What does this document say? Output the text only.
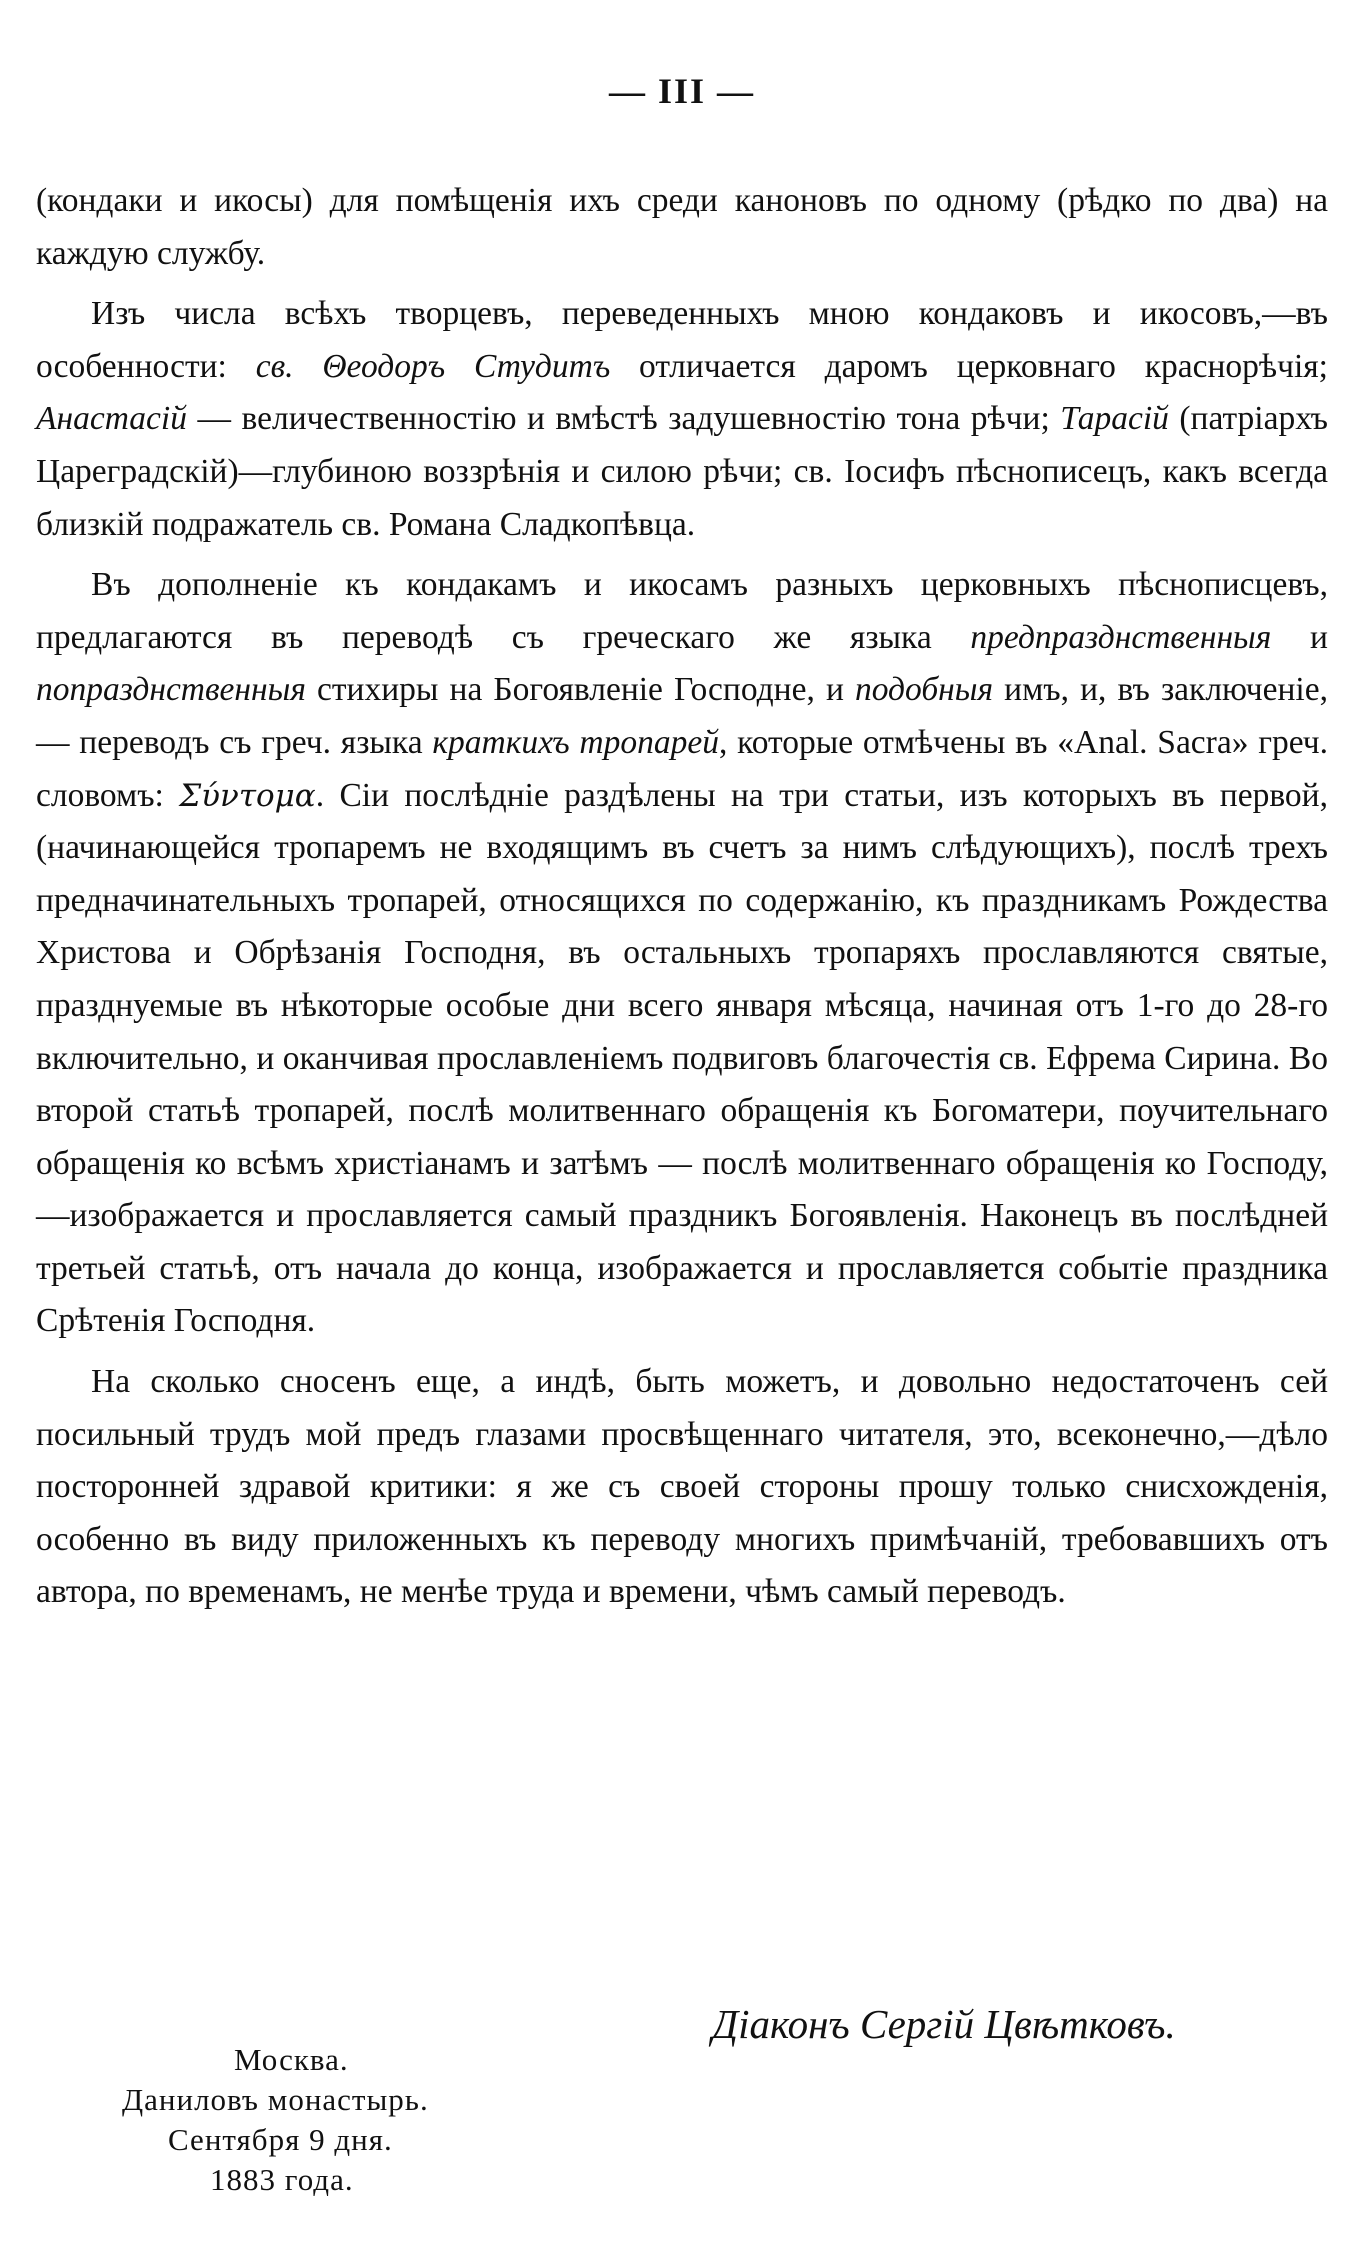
— III —

(кондаки и икосы) для помѣщенія ихъ среди каноновъ по одному (рѣдко по два) на каждую службу.

Изъ числа всѣхъ творцевъ, переведенныхъ мною кондаковъ и икосовъ,—въ особенности: св. Θеодоръ Студитъ отличается даромъ церковнаго краснорѣчія; Анастасій — величественностію и вмѣстѣ задушевностію тона рѣчи; Тарасій (патріархъ Цареградскій)—глубиною воззрѣнія и силою рѣчи; св. Іосифъ пѣснописецъ, какъ всегда близкій подражатель св. Романа Сладкопѣвца.

Въ дополненіе къ кондакамъ и икосамъ разныхъ церковныхъ пѣснописцевъ, предлагаются въ переводѣ съ греческаго же языка предпразднственныя и попразднственныя стихиры на Богоявленіе Господне, и подобныя имъ, и, въ заключеніе, — переводъ съ греч. языка краткихъ тропарей, которые отмѣчены въ «Anal. Sacra» греч. словомъ: Σύντομα. Сіи послѣдніе раздѣлены на три статьи, изъ которыхъ въ первой, (начинающейся тропаремъ не входящимъ въ счетъ за нимъ слѣдующихъ), послѣ трехъ предначинательныхъ тропарей, относящихся по содержанію, къ праздникамъ Рождества Христова и Обрѣзанія Господня, въ остальныхъ тропаряхъ прославляются святые, празднуемые въ нѣкоторые особые дни всего января мѣсяца, начиная отъ 1-го до 28-го включительно, и оканчивая прославленіемъ подвиговъ благочестія св. Ефрема Сирина. Во второй статьѣ тропарей, послѣ молитвеннаго обращенія къ Богоматери, поучительнаго обращенія ко всѣмъ христіанамъ и затѣмъ — послѣ молитвеннаго обращенія ко Господу,—изображается и прославляется самый праздникъ Богоявленія. Наконецъ въ послѣдней третьей статьѣ, отъ начала до конца, изображается и прославляется событіе праздника Срѣтенія Господня.

На сколько сносенъ еще, а индѣ, быть можетъ, и довольно недостаточенъ сей посильный трудъ мой предъ глазами просвѣщеннаго читателя, это, всеконечно,—дѣло посторонней здравой критики: я же съ своей стороны прошу только снисхожденія, особенно въ виду приложенныхъ къ переводу многихъ примѣчаній, требовавшихъ отъ автора, по временамъ, не менѣе труда и времени, чѣмъ самый переводъ.

Діаконъ Сергій Цвѣтковъ.
Москва.
Даниловъ монастырь.
Сентября 9 дня.
1883 года.
